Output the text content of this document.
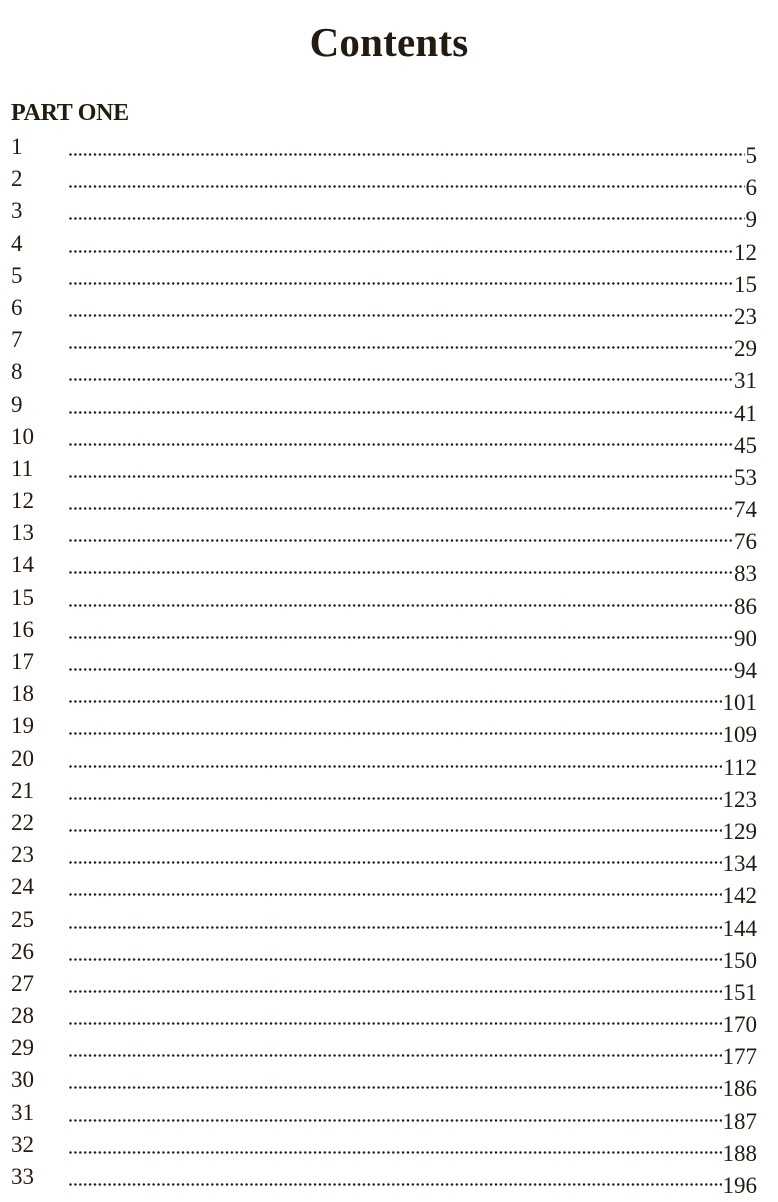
Contents
PART ONE
1	5
2	6
3	9
4	12
5	15
6	23
7	29
8	31
9	41
10	45
11	53
12	74
13	76
14	83
15	86
16	90
17	94
18	101
19	109
20	112
21	123
22	129
23	134
24	142
25	144
26	150
27	151
28	170
29	177
30	186
31	187
32	188
33	196
